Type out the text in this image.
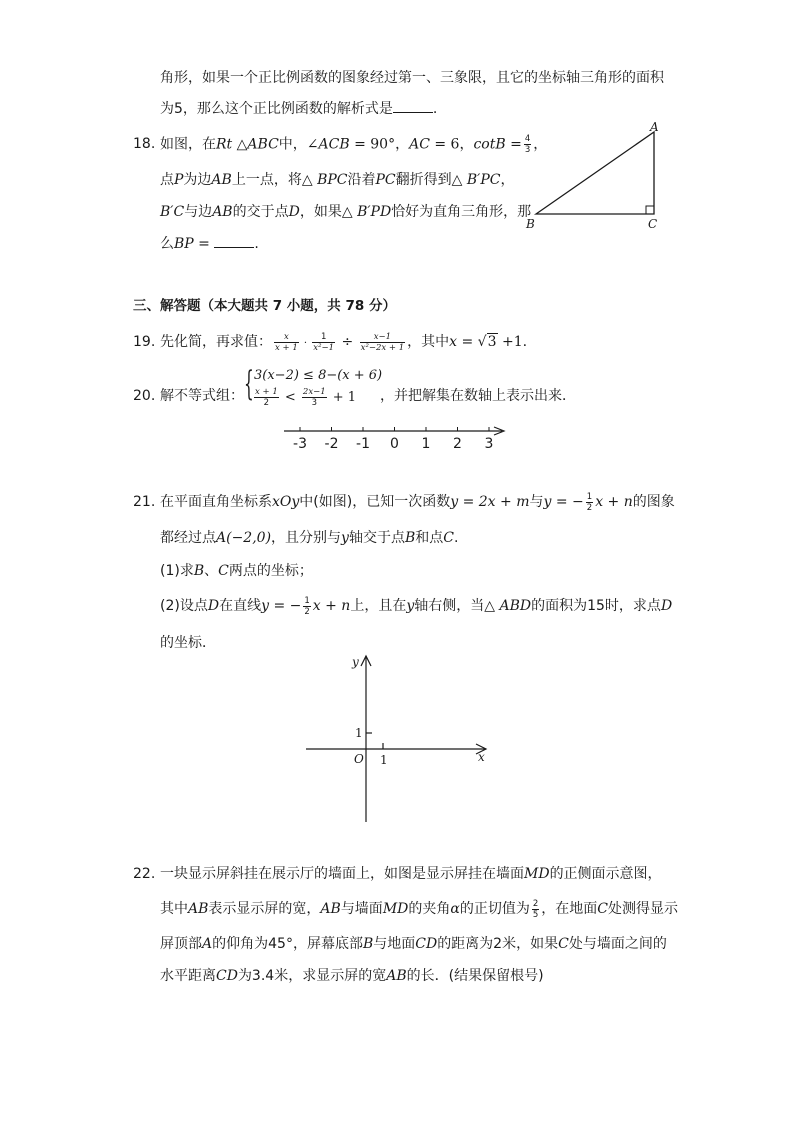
角形，如果一个正比例函数的图象经过第一、三象限，且它的坐标轴三角形的面积
为5，那么这个正比例函数的解析式是	.
18. 如图，在Rt △ABC中，∠ACB = 90°，AC = 6，$\cot B = \frac{4}{3}$ ，
点P为边AB上一点，将△ BPC沿着PC翻折得到△ B′PC，
B′C与边AB的交于点D，如果△ B′PD恰好为直角三角形，那
么BP =	.
A
B	C
三、解答题（本大题共 7 小题，共 78 分）
19. 先化简，再求值： $\frac{x}{x + 1} \cdot \frac{1}{\text{x²−1}} \div \frac{x-1}{\text{x²−2x + 1}}$ ，其中x = √3 +1.
20. 解不等式组： { 3(x−2) ≤ 8−(x + 6)
$\frac{x + 1}{2} < \frac{2x-1}{3} + 1$ ，并把解集在数轴上表示出来．
-3 -2 -1 0 1 2 3
21. 在平面直角坐标系xOy中(如图)，已知一次函数y = 2x + m与y = − $\frac{1}{2}$ x + n的图象
都经过点A(−2,0)，且分别与y轴交于点B和点C.
(1)求B、C两点的坐标；
(2)设点D在直线y = − $\frac{1}{2}$ x + n上，且在y轴右侧，当△ ABD的面积为15时，求点D
的坐标．
y
x
O 1
1
22. 一块显示屏斜挂在展示厅的墙面上，如图是显示屏挂在墙面MD的正侧面示意图，
其中AB表示显示屏的宽，AB与墙面MD的夹角α的正切值为 $\frac{2}{5}$ ，在地面C处测得显示
屏顶部A的仰角为45°，屏幕底部B与地面CD的距离为2米，如果C处与墙面之间的
水平距离CD为3.4米，求显示屏的宽AB的长．(结果保留根号)
